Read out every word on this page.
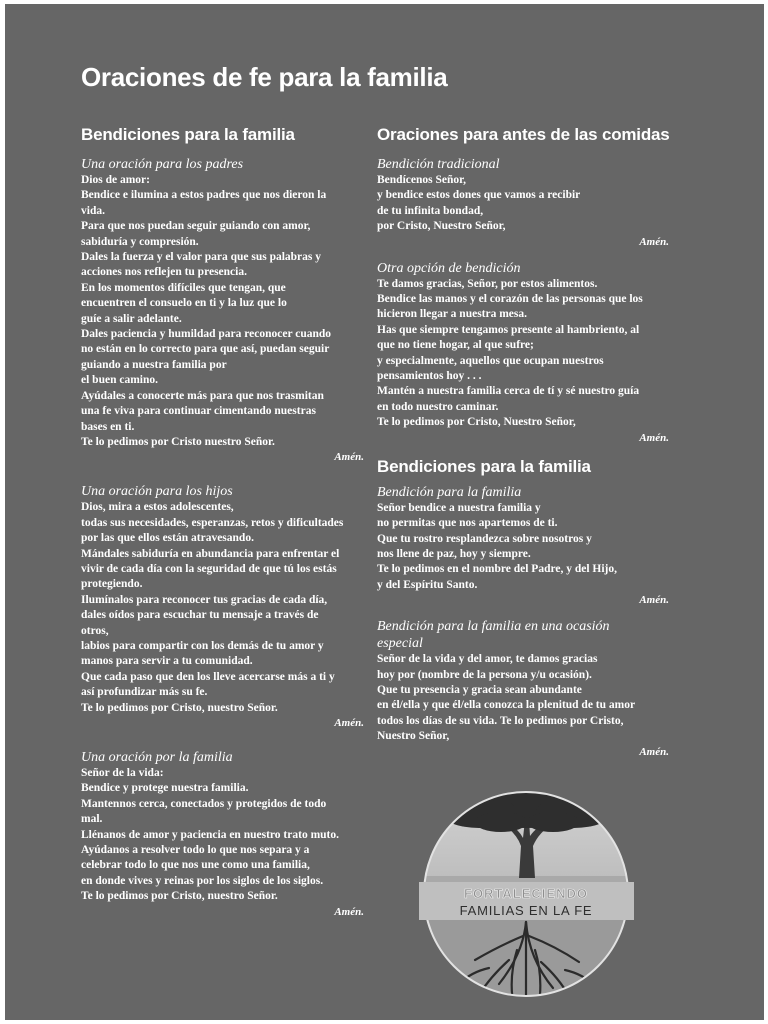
Oraciones de fe para la familia
Bendiciones para la familia

Una oración para los padres

Dios de amor:
Bendice e ilumina a estos padres que nos dieron la
vida.
Para que nos puedan seguir guiando con amor,
sabiduría y compresión.
Dales la fuerza y el valor para que sus palabras y
acciones nos reflejen tu presencia.
En los momentos difíciles que tengan, que
encuentren el consuelo en ti y la luz que lo
guíe a salir adelante.
Dales paciencia y humildad para reconocer cuando
no están en lo correcto para que así, puedan seguir
guiando a nuestra familia por
el buen camino.
Ayúdales a conocerte más para que nos trasmitan
una fe viva para continuar cimentando nuestras
bases en ti.
Te lo pedimos por Cristo nuestro Señor.

Amén.

Una oración para los hijos

Dios, mira a estos adolescentes,
todas sus necesidades, esperanzas, retos y dificultades
por las que ellos están atravesando.
Mándales sabiduría en abundancia para enfrentar el
vivir de cada día con la seguridad de que tú los estás
protegiendo.
Ilumínalos para reconocer tus gracias de cada día,
dales oídos para escuchar tu mensaje a través de
otros,
labios para compartir con los demás de tu amor y
manos para servir a tu comunidad.
Que cada paso que den los lleve acercarse más a ti y
así profundizar más su fe.
Te lo pedimos por Cristo, nuestro Señor.

Amén.

Una oración por la familia

Señor de la vida:
Bendice y protege nuestra familia.
Mantennos cerca, conectados y protegidos de todo
mal.
Llénanos de amor y paciencia en nuestro trato muto.
Ayúdanos a resolver todo lo que nos separa y a
celebrar todo lo que nos une como una familia,
en donde vives y reinas por los siglos de los siglos.
Te lo pedimos por Cristo, nuestro Señor.

Amén.

Oraciones para antes de las comidas

Bendición tradicional

Bendícenos Señor,
y bendice estos dones que vamos a recibir
de tu infinita bondad,
por Cristo, Nuestro Señor,

Amén.

Otra opción de bendición

Te damos gracias, Señor, por estos alimentos.
Bendice las manos y el corazón de las personas que los
hicieron llegar a nuestra mesa.
Has que siempre tengamos presente al hambriento, al
que no tiene hogar, al que sufre;
y especialmente, aquellos que ocupan nuestros
pensamientos hoy . . .
Mantén a nuestra familia cerca de tí y sé nuestro guía
en todo nuestro caminar.
Te lo pedimos por Cristo, Nuestro Señor,

Amén.

Bendiciones para la familia

Bendición para la familia

Señor bendice a nuestra familia y
no permitas que nos apartemos de ti.
Que tu rostro resplandezca sobre nosotros y
nos llene de paz, hoy y siempre.
Te lo pedimos en el nombre del Padre, y del Hijo,
y del Espíritu Santo.

Amén.

Bendición para la familia en una ocasión especial

Señor de la vida y del amor, te damos gracias
hoy por (nombre de la persona y/u ocasión).
Que tu presencia y gracia sean abundante
en él/ella y que él/ella conozca la plenitud de tu amor
todos los días de su vida. Te lo pedimos por Cristo,
Nuestro Señor,

Amén.

FORTALECIENDO
FAMILIAS EN LA FE
